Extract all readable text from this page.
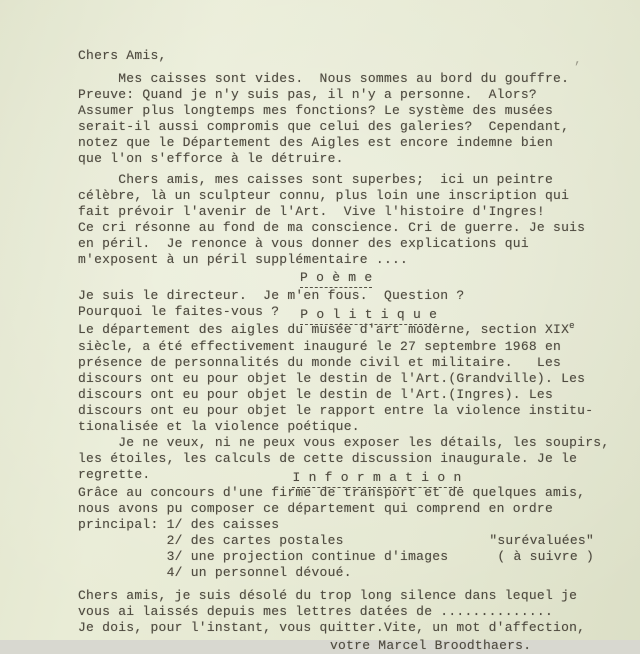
,
Chers Amis,
Mes caisses sont vides.  Nous sommes au bord du gouffre.
Preuve: Quand je n'y suis pas, il n'y a personne.  Alors?
Assumer plus longtemps mes fonctions? Le système des musées
serait-il aussi compromis que celui des galeries?  Cependant,
notez que le Département des Aigles est encore indemne bien
que l'on s'efforce à le détruire.
Chers amis, mes caisses sont superbes;  ici un peintre
célèbre, là un sculpteur connu, plus loin une inscription qui
fait prévoir l'avenir de l'Art.  Vive l'histoire d'Ingres!
Ce cri résonne au fond de ma conscience. Cri de guerre. Je suis
en péril.  Je renonce à vous donner des explications qui
m'exposent à un péril supplémentaire ....
P o è m e
Je suis le directeur.  Je m'en fous.  Question ?
Pourquoi le faites-vous ? P o l i t i q u e
Le département des aigles du musée d'art moderne, section XIXe
siècle, a été effectivement inauguré le 27 septembre 1968 en
présence de personnalités du monde civil et militaire.   Les
discours ont eu pour objet le destin de l'Art.(Grandville). Les
discours ont eu pour objet le destin de l'Art.(Ingres). Les
discours ont eu pour objet le rapport entre la violence institu-
tionalisée et la violence poétique.
Je ne veux, ni ne peux vous exposer les détails, les soupirs,
les étoiles, les calculs de cette discussion inaugurale. Je le
regrette.	I n f o r m a t i o n
Grâce au concours d'une firme de transport et de quelques amis,
nous avons pu composer ce département qui comprend en ordre
principal: 1/ des caisses
2/ des cartes postales	"surévaluées"
3/ une projection continue d'images	( à suivre )
4/ un personnel dévoué.
Chers amis, je suis désolé du trop long silence dans lequel je
vous ai laissés depuis mes lettres datées de ..............
Je dois, pour l'instant, vous quitter.Vite, un mot d'affection,
votre Marcel Broodthaers.
